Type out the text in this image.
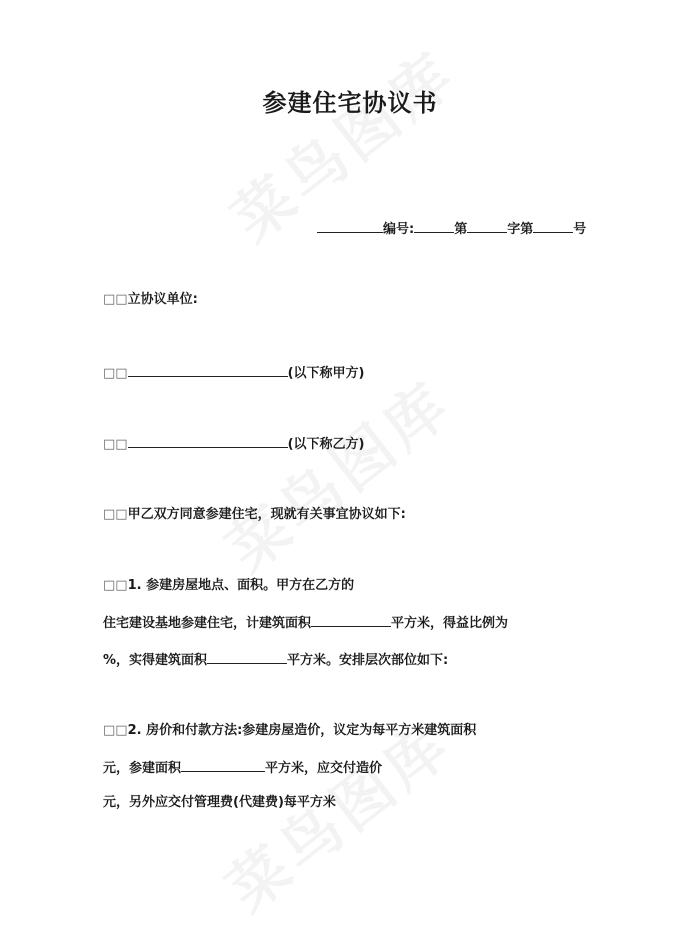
参建住宅协议书
编号:	第	字第	号
□□立协议单位:
□□	(以下称甲方)
□□	(以下称乙方)
□□甲乙双方同意参建住宅，现就有关事宜协议如下:
□□1. 参建房屋地点、面积。甲方在乙方的
住宅建设基地参建住宅，计建筑面积	平方米，得益比例为
%，实得建筑面积	平方米。安排层次部位如下:
□□2. 房价和付款方法:参建房屋造价，议定为每平方米建筑面积
元，参建面积	平方米，应交付造价
元，另外应交付管理费(代建费)每平方米
